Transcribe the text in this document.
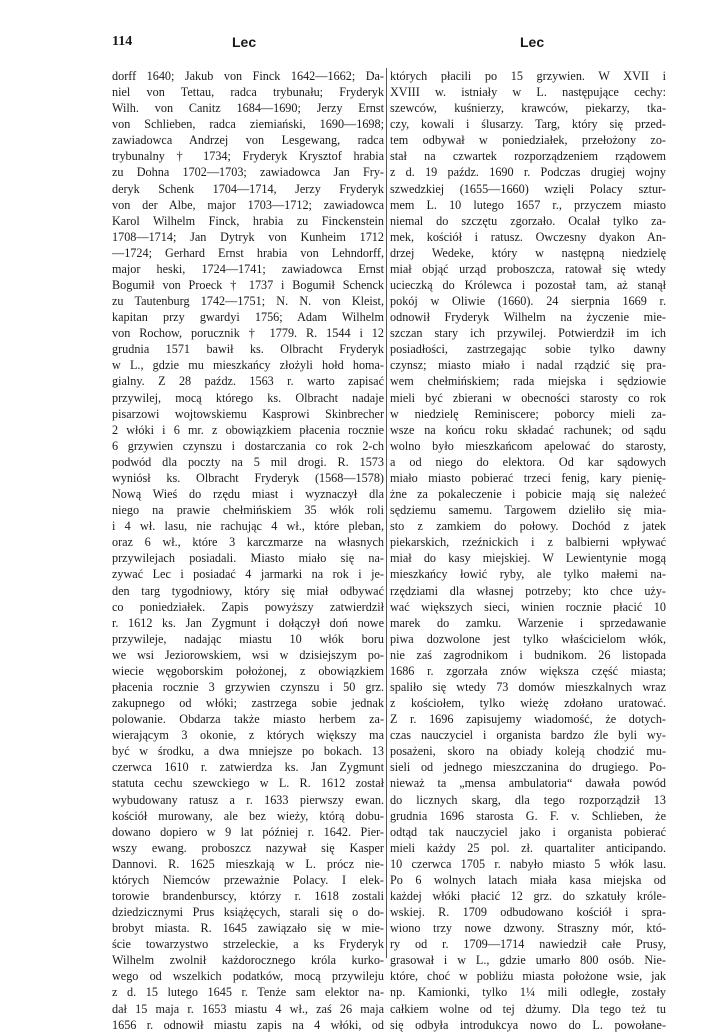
114	Lec	Lec
dorff 1640; Jakub von Finck 1642—1662; Da-
niel von Tettau, radca trybunału; Fryderyk
Wilh. von Canitz 1684—1690; Jerzy Ernst
von Schlieben, radca ziemiański, 1690—1698;
zawiadowca Andrzej von Lesgewang, radca
trybunalny † 1734; Fryderyk Krysztof hrabia
zu Dohna 1702—1703; zawiadowca Jan Fry-
deryk Schenk 1704—1714, Jerzy Fryderyk
von der Albe, major 1703—1712; zawiadowca
Karol Wilhelm Finck, hrabia zu Finckenstein
1708—1714; Jan Dytryk von Kunheim 1712
—1724; Gerhard Ernst hrabia von Lehndorff,
major heski, 1724—1741; zawiadowca Ernst
Bogumił von Proeck † 1737 i Bogumił Schenck
zu Tautenburg 1742—1751; N. N. von Kleist,
kapitan przy gwardyi 1756; Adam Wilhelm
von Rochow, porucznik † 1779. R. 1544 i 12
grudnia 1571 bawił ks. Olbracht Fryderyk
w L., gdzie mu mieszkańcy złożyli hołd homa-
gialny. Z 28 paźdz. 1563 r. warto zapisać
przywilej, mocą którego ks. Olbracht nadaje
pisarzowi wojtowskiemu Kasprowi Skinbrecher
2 włóki i 6 mr. z obowiązkiem płacenia rocznie
6 grzywien czynszu i dostarczania co rok 2-ch
podwód dla poczty na 5 mil drogi. R. 1573
wyniósł ks. Olbracht Fryderyk (1568—1578)
Nową Wieś do rzędu miast i wyznaczył dla
niego na prawie chełmińskiem 35 włók roli
i 4 wł. lasu, nie rachując 4 wł., które pleban,
oraz 6 wł., które 3 karczmarze na własnych
przywilejach posiadali. Miasto miało się na-
zywać Lec i posiadać 4 jarmarki na rok i je-
den targ tygodniowy, który się miał odbywać
co poniedziałek. Zapis powyższy zatwierdził
r. 1612 ks. Jan Zygmunt i dołączył doń nowe
przywileje, nadając miastu 10 włók boru
we wsi Jeziorowskiem, wsi w dzisiejszym po-
wiecie węgoborskim położonej, z obowiązkiem
płacenia rocznie 3 grzywien czynszu i 50 grz.
zakupnego od włóki; zastrzega sobie jednak
polowanie. Obdarza także miasto herbem za-
wierającym 3 okonie, z których większy ma
być w środku, a dwa mniejsze po bokach. 13
czerwca 1610 r. zatwierdza ks. Jan Zygmunt
statuta cechu szewckiego w L. R. 1612 został
wybudowany ratusz a r. 1633 pierwszy ewan.
kościół murowany, ale bez wieży, którą dobu-
dowano dopiero w 9 lat później r. 1642. Pier-
wszy ewang. proboszcz nazywał się Kasper
Dannovi. R. 1625 mieszkają w L. prócz nie-
których Niemców przeważnie Polacy. I elek-
torowie brandenburscy, którzy r. 1618 zostali
dziedzicznymi Prus książęcych, starali się o do-
brobyt miasta. R. 1645 zawiązało się w mie-
ście towarzystwo strzeleckie, a ks Fryderyk
Wilhelm zwolnił każdorocznego króla kurko-
wego od wszelkich podatków, mocą przywileju
z d. 15 lutego 1645 r. Tenże sam elektor na-
dał 15 maja r. 1653 miastu 4 wł., zaś 26 maja
1656 r. odnowił miastu zapis na 4 włóki, od
których płacili po 15 grzywien. W XVII i
XVIII w. istniały w L. następujące cechy:
szewców, kuśnierzy, krawców, piekarzy, tka-
czy, kowali i ślusarzy. Targ, który się przed-
tem odbywał w poniedziałek, przełożony zo-
stał na czwartek rozporządzeniem rządowem
z d. 19 paźdz. 1690 r. Podczas drugiej wojny
szwedzkiej (1655—1660) wzięli Polacy sztur-
mem L. 10 lutego 1657 r., przyczem miasto
niemal do szczętu zgorzało. Ocalał tylko za-
mek, kościół i ratusz. Owczesny dyakon An-
drzej Wedeke, który w następną niedzielę
miał objąć urząd proboszcza, ratował się wtedy
ucieczką do Królewca i pozostał tam, aż stanął
pokój w Oliwie (1660). 24 sierpnia 1669 r.
odnowił Fryderyk Wilhelm na życzenie mie-
szczan stary ich przywilej. Potwierdził im ich
posiadłości, zastrzegając sobie tylko dawny
czynsz; miasto miało i nadal rządzić się pra-
wem chełmińskiem; rada miejska i sędziowie
mieli być zbierani w obecności starosty co rok
w niedzielę Reminiscere; poborcy mieli za-
wsze na końcu roku składać rachunek; od sądu
wolno było mieszkańcom apelować do starosty,
a od niego do elektora. Od kar sądowych
miało miasto pobierać trzeci fenig, kary pienię-
żne za pokaleczenie i pobicie mają się należeć
sędziemu samemu. Targowem dzieliło się mia-
sto z zamkiem do połowy. Dochód z jatek
piekarskich, rzeźnickich i z balbierni wpływać
miał do kasy miejskiej. W Lewientynie mogą
mieszkańcy łowić ryby, ale tylko małemi na-
rzędziami dla własnej potrzeby; kto chce uży-
wać większych sieci, winien rocznie płacić 10
marek do zamku. Warzenie i sprzedawanie
piwa dozwolone jest tylko właścicielom włók,
nie zaś zagrodnikom i budnikom. 26 listopada
1686 r. zgorzała znów większa część miasta;
spaliło się wtedy 73 domów mieszkalnych wraz
z kościołem, tylko wieżę zdołano uratować.
Z r. 1696 zapisujemy wiadomość, że dotych-
czas nauczyciel i organista bardzo źle byli wy-
posażeni, skoro na obiady koleją chodzić mu-
sieli od jednego mieszczanina do drugiego. Po-
nieważ ta „mensa ambulatoria“ dawała powód
do licznych skarg, dla tego rozporządził 13
grudnia 1696 starosta G. F. v. Schlieben, że
odtąd tak nauczyciel jako i organista pobierać
mieli każdy 25 pol. zł. quartaliter anticipando.
10 czerwca 1705 r. nabyło miasto 5 włók lasu.
Po 6 wolnych latach miała kasa miejska od
każdej włóki płacić 12 grz. do szkatuły króle-
wskiej. R. 1709 odbudowano kościół i spra-
wiono trzy nowe dzwony. Straszny mór, któ-
ry od r. 1709—1714 nawiedził całe Prusy,
grasował i w L., gdzie umarło 800 osób. Nie-
które, choć w pobliżu miasta położone wsie, jak
np. Kamionki, tylko 1¼ mili odległe, zostały
całkiem wolne od tej dżumy. Dla tego też tu
się odbyła introdukcya nowo do L. powołane-
